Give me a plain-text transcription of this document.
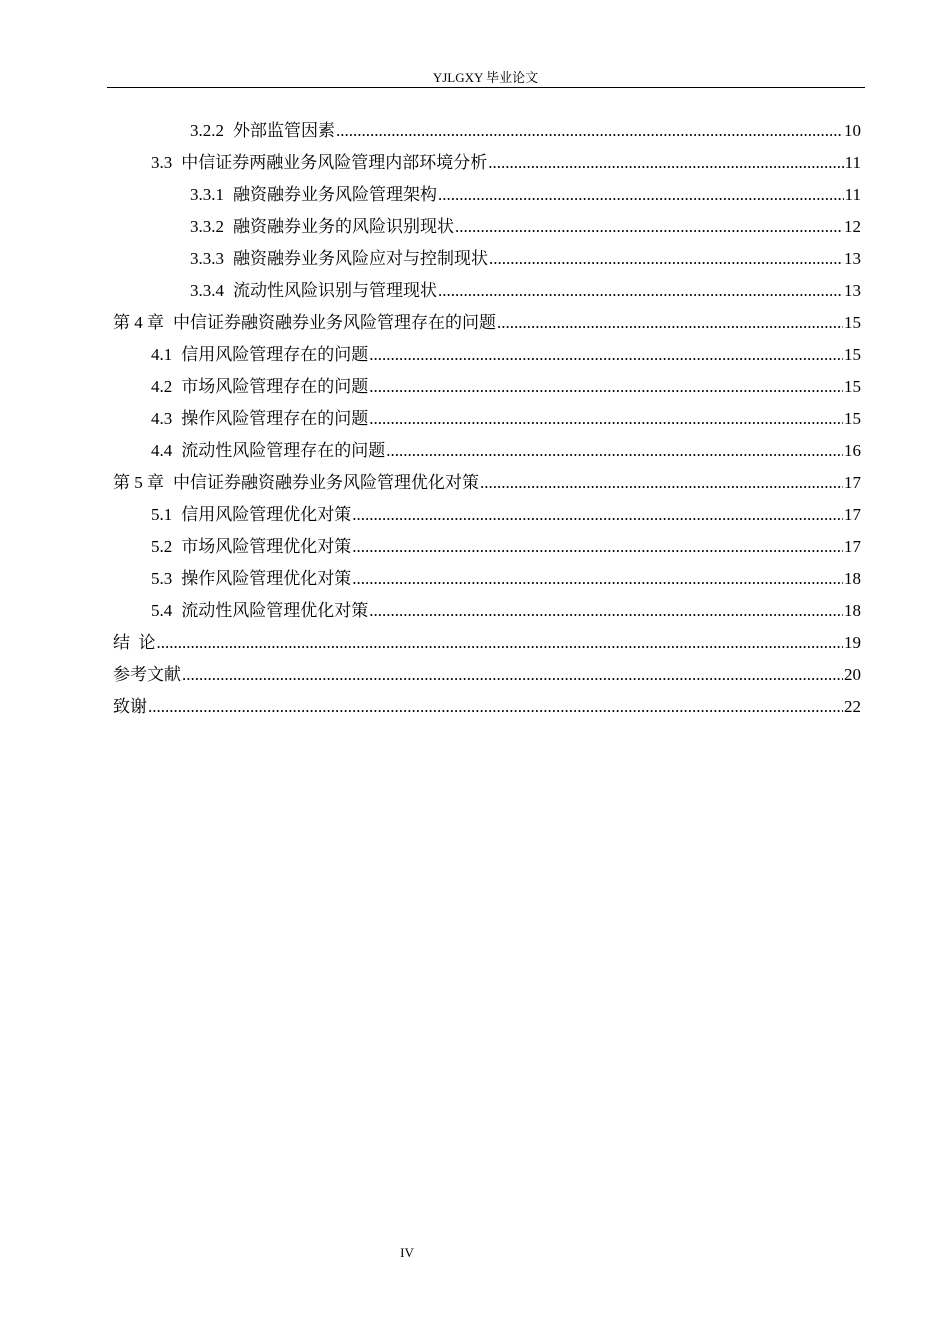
YJLGXY 毕业论文
3.2.2 外部监管因素 .....	10
3.3 中信证券两融业务风险管理内部环境分析 .....	11
3.3.1 融资融券业务风险管理架构 .....	11
3.3.2 融资融券业务的风险识别现状 .....	12
3.3.3 融资融券业务风险应对与控制现状 .....	13
3.3.4 流动性风险识别与管理现状 .....	13
第 4 章 中信证券融资融券业务风险管理存在的问题 .....	15
4.1 信用风险管理存在的问题 .....	15
4.2 市场风险管理存在的问题 .....	15
4.3 操作风险管理存在的问题 .....	15
4.4 流动性风险管理存在的问题 .....	16
第 5 章 中信证券融资融券业务风险管理优化对策 .....	17
5.1 信用风险管理优化对策 .....	17
5.2 市场风险管理优化对策 .....	17
5.3 操作风险管理优化对策 .....	18
5.4 流动性风险管理优化对策 .....	18
结  论 .....	19
参考文献 .....	20
致谢 .....	22
IV
